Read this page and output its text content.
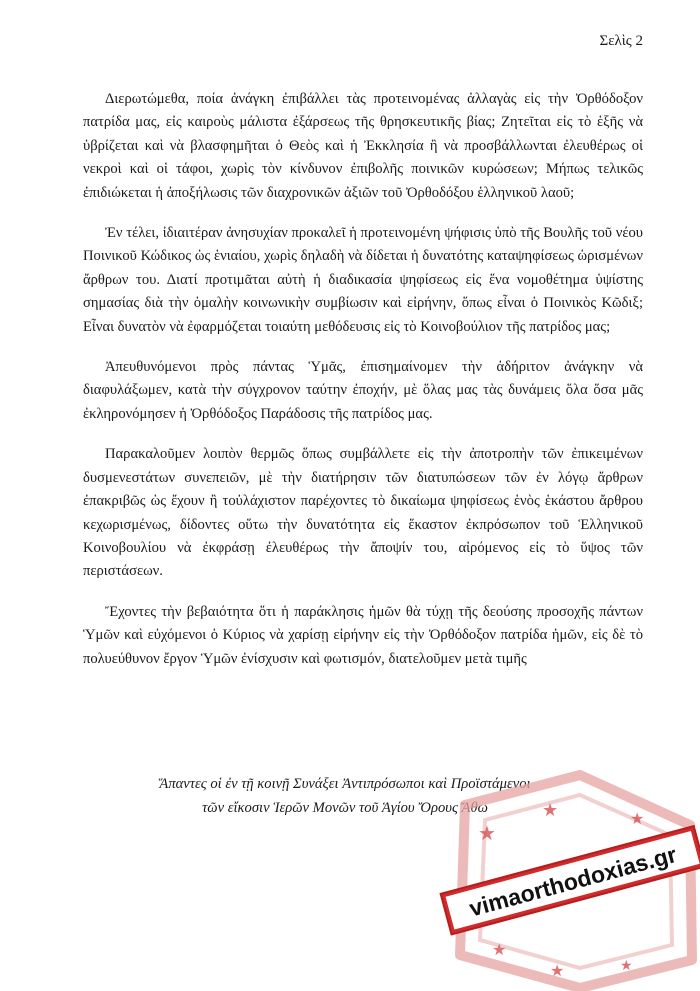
Σελὶς 2

Διερωτώμεθα, ποία ἀνάγκη ἐπιβάλλει τὰς προτεινομένας ἀλλαγὰς εἰς τὴν Ὀρθόδοξον πατρίδα μας, εἰς καιροὺς μάλιστα ἐξάρσεως τῆς θρησκευτικῆς βίας; Ζητεῖται εἰς τὸ ἑξῆς νὰ ὑβρίζεται καὶ νὰ βλασφημῆται ὁ Θεὸς καὶ ἡ Ἐκκλησία ἢ νὰ προσβάλλωνται ἐλευθέρως οἱ νεκροὶ καὶ οἱ τάφοι, χωρὶς τὸν κίνδυνον ἐπιβολῆς ποινικῶν κυρώσεων; Μήπως τελικῶς ἐπιδιώκεται ἡ ἀποξήλωσις τῶν διαχρονικῶν ἀξιῶν τοῦ Ὀρθοδόξου ἑλληνικοῦ λαοῦ;

Ἐν τέλει, ἰδιαιτέραν ἀνησυχίαν προκαλεῖ ἡ προτεινομένη ψήφισις ὑπὸ τῆς Βουλῆς τοῦ νέου Ποινικοῦ Κώδικος ὡς ἑνιαίου, χωρὶς δηλαδὴ νὰ δίδεται ἡ δυνατότης καταψηφίσεως ὡρισμένων ἄρθρων του. Διατί προτιμᾶται αὐτὴ ἡ διαδικασία ψηφίσεως εἰς ἕνα νομοθέτημα ὑψίστης σημασίας διὰ τὴν ὁμαλὴν κοινωνικὴν συμβίωσιν καὶ εἰρήνην, ὅπως εἶναι ὁ Ποινικὸς Κῶδιξ; Εἶναι δυνατὸν νὰ ἐφαρμόζεται τοιαύτη μεθόδευσις εἰς τὸ Κοινοβούλιον τῆς πατρίδος μας;

Ἀπευθυνόμενοι πρὸς πάντας Ὑμᾶς, ἐπισημαίνομεν τὴν ἀδήριτον ἀνάγκην νὰ διαφυλάξωμεν, κατὰ τὴν σύγχρονον ταύτην ἐποχήν, μὲ ὅλας μας τὰς δυνάμεις ὅλα ὅσα μᾶς ἐκληρονόμησεν ἡ Ὀρθόδοξος Παράδοσις τῆς πατρίδος μας.

Παρακαλοῦμεν λοιπὸν θερμῶς ὅπως συμβάλλετε εἰς τὴν ἀποτροπὴν τῶν ἐπικειμένων δυσμενεστάτων συνεπειῶν, μὲ τὴν διατήρησιν τῶν διατυπώσεων τῶν ἐν λόγῳ ἄρθρων ἐπακριβῶς ὡς ἔχουν ἢ τοὐλάχιστον παρέχοντες τὸ δικαίωμα ψηφίσεως ἑνὸς ἑκάστου ἄρθρου κεχωρισμένως, δίδοντες οὕτω τὴν δυνατότητα εἰς ἕκαστον ἐκπρόσωπον τοῦ Ἑλληνικοῦ Κοινοβουλίου νὰ ἐκφράσῃ ἐλευθέρως τὴν ἄποψίν του, αἰρόμενος εἰς τὸ ὕψος τῶν περιστάσεων.

Ἔχοντες τὴν βεβαιότητα ὅτι ἡ παράκλησις ἡμῶν θὰ τύχῃ τῆς δεούσης προσοχῆς πάντων Ὑμῶν καὶ εὐχόμενοι ὁ Κύριος νὰ χαρίσῃ εἰρήνην εἰς τὴν Ὀρθόδοξον πατρίδα ἡμῶν, εἰς δὲ τὸ πολυεύθυνον ἔργον Ὑμῶν ἐνίσχυσιν καὶ φωτισμόν, διατελοῦμεν μετὰ τιμῆς

Ἅπαντες οἱ ἐν τῇ κοινῇ Συνάξει Ἀντιπρόσωποι καὶ Προϊστάμενοι
τῶν εἴκοσιν Ἱερῶν Μονῶν τοῦ Ἁγίου Ὄρους Ἄθω
★
★	★
★
★	★
vimaorthodoxias.gr
